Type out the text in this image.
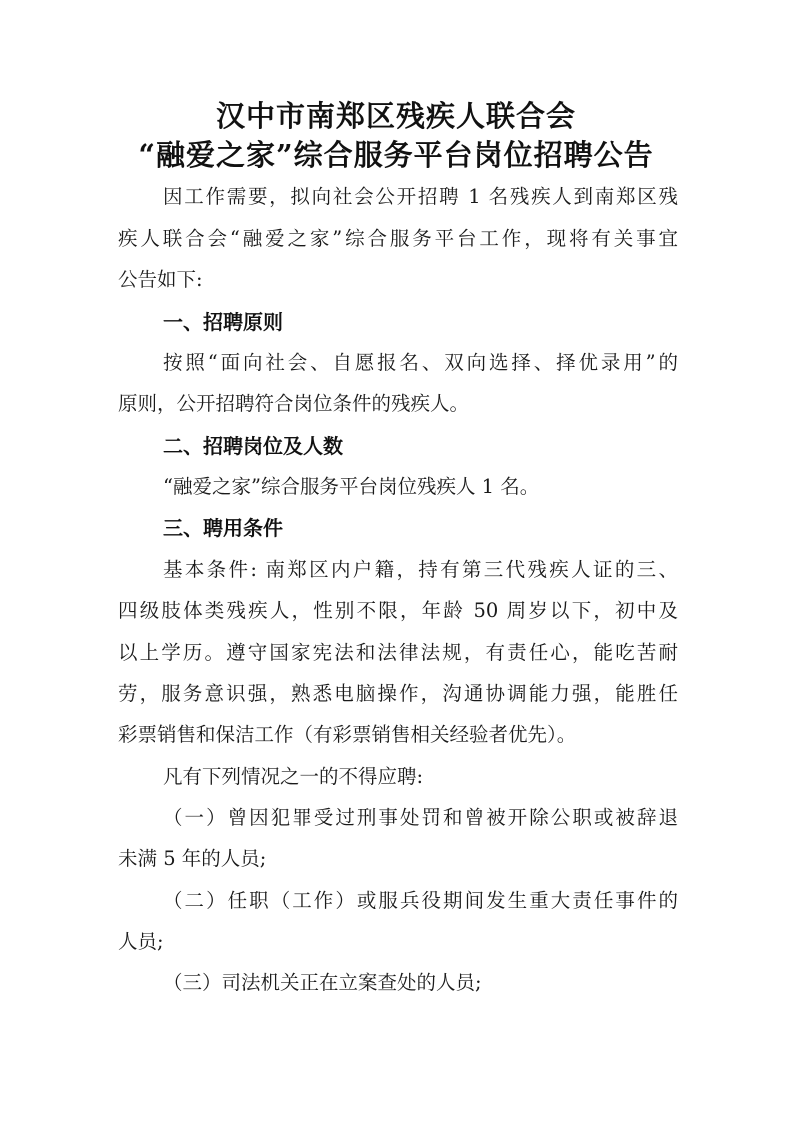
汉中市南郑区残疾人联合会
“融爱之家”综合服务平台岗位招聘公告
因工作需要，拟向社会公开招聘 1 名残疾人到南郑区残
疾人联合会“融爱之家”综合服务平台工作，现将有关事宜
公告如下:
一、招聘原则
按照“面向社会、自愿报名、双向选择、择优录用”的
原则，公开招聘符合岗位条件的残疾人。
二、招聘岗位及人数
“融爱之家”综合服务平台岗位残疾人 1 名。
三、聘用条件
基本条件: 南郑区内户籍，持有第三代残疾人证的三、
四级肢体类残疾人，性别不限，年龄 50 周岁以下，初中及
以上学历。遵守国家宪法和法律法规，有责任心，能吃苦耐
劳，服务意识强，熟悉电脑操作，沟通协调能力强，能胜任
彩票销售和保洁工作（有彩票销售相关经验者优先）。
凡有下列情况之一的不得应聘:
（一）曾因犯罪受过刑事处罚和曾被开除公职或被辞退
未满 5 年的人员;
（二）任职（工作）或服兵役期间发生重大责任事件的
人员;
（三）司法机关正在立案查处的人员;
